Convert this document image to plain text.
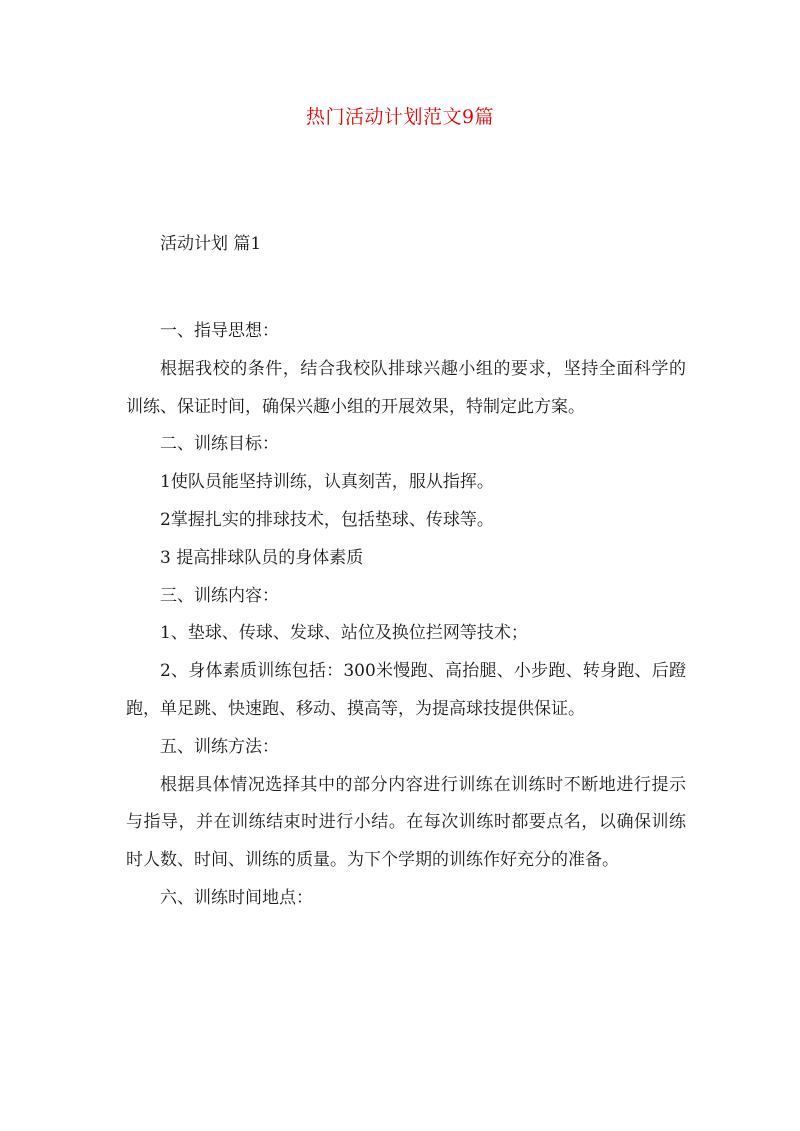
热门活动计划范文9篇
活动计划 篇1

一、指导思想：

根据我校的条件，结合我校队排球兴趣小组的要求，坚持全面科学的训练、保证时间，确保兴趣小组的开展效果，特制定此方案。

二、训练目标：

1使队员能坚持训练，认真刻苦，服从指挥。

2掌握扎实的排球技术，包括垫球、传球等。

3 提高排球队员的身体素质

三、训练内容：

1、垫球、传球、发球、站位及换位拦网等技术；

2、身体素质训练包括：300米慢跑、高抬腿、小步跑、转身跑、后蹬跑，单足跳、快速跑、移动、摸高等，为提高球技提供保证。

五、训练方法：

根据具体情况选择其中的部分内容进行训练在训练时不断地进行提示与指导，并在训练结束时进行小结。在每次训练时都要点名，以确保训练时人数、时间、训练的质量。为下个学期的训练作好充分的准备。

六、训练时间地点：
